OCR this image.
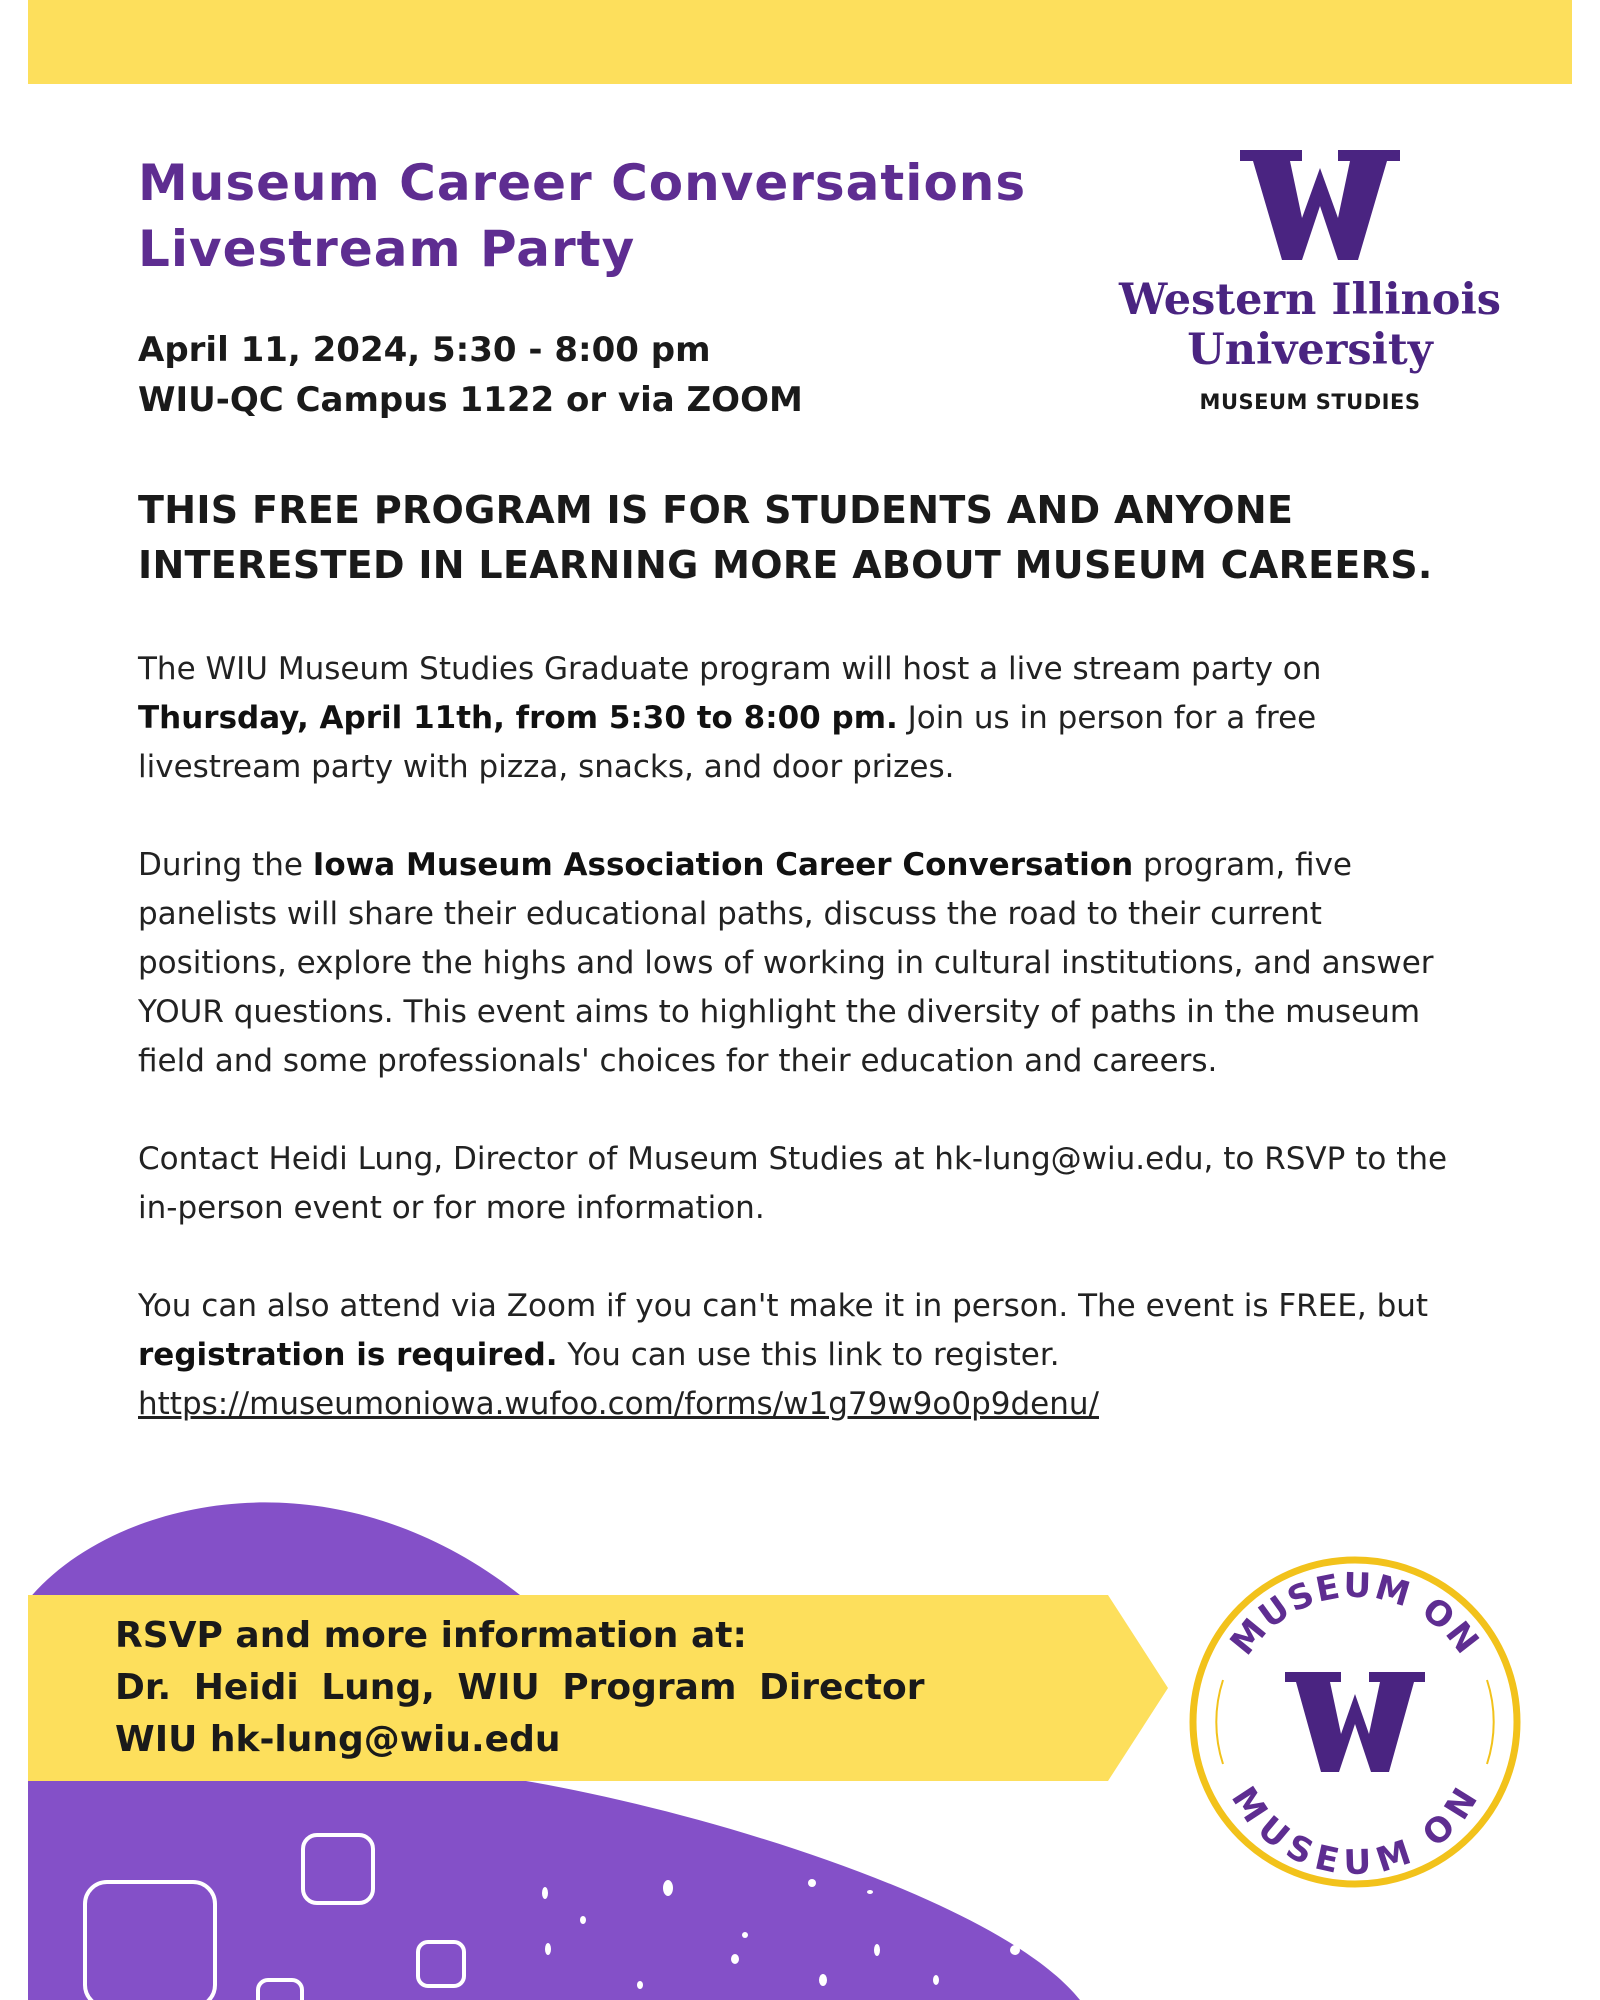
Museum Career Conversations
Livestream Party
April 11, 2024, 5:30 - 8:00 pm
WIU-QC Campus 1122 or via ZOOM
Western Illinois
University
MUSEUM STUDIES
THIS FREE PROGRAM IS FOR STUDENTS AND ANYONE
INTERESTED IN LEARNING MORE ABOUT MUSEUM CAREERS.

The WIU Museum Studies Graduate program will host a live stream party on Thursday, April 11th, from 5:30 to 8:00 pm. Join us in person for a free livestream party with pizza, snacks, and door prizes.

During the Iowa Museum Association Career Conversation program, five panelists will share their educational paths, discuss the road to their current positions, explore the highs and lows of working in cultural institutions, and answer YOUR questions. This event aims to highlight the diversity of paths in the museum field and some professionals' choices for their education and careers.

Contact Heidi Lung, Director of Museum Studies at hk-lung@wiu.edu, to RSVP to the in-person event or for more information.

You can also attend via Zoom if you can't make it in person. The event is FREE, but registration is required. You can use this link to register.
https://museumoniowa.wufoo.com/forms/w1g79w9o0p9denu/

RSVP and more information at:
Dr. Heidi Lung, WIU Program Director
WIU hk-lung@wiu.edu
MUSEUM ON
MUSEUM ON
W
